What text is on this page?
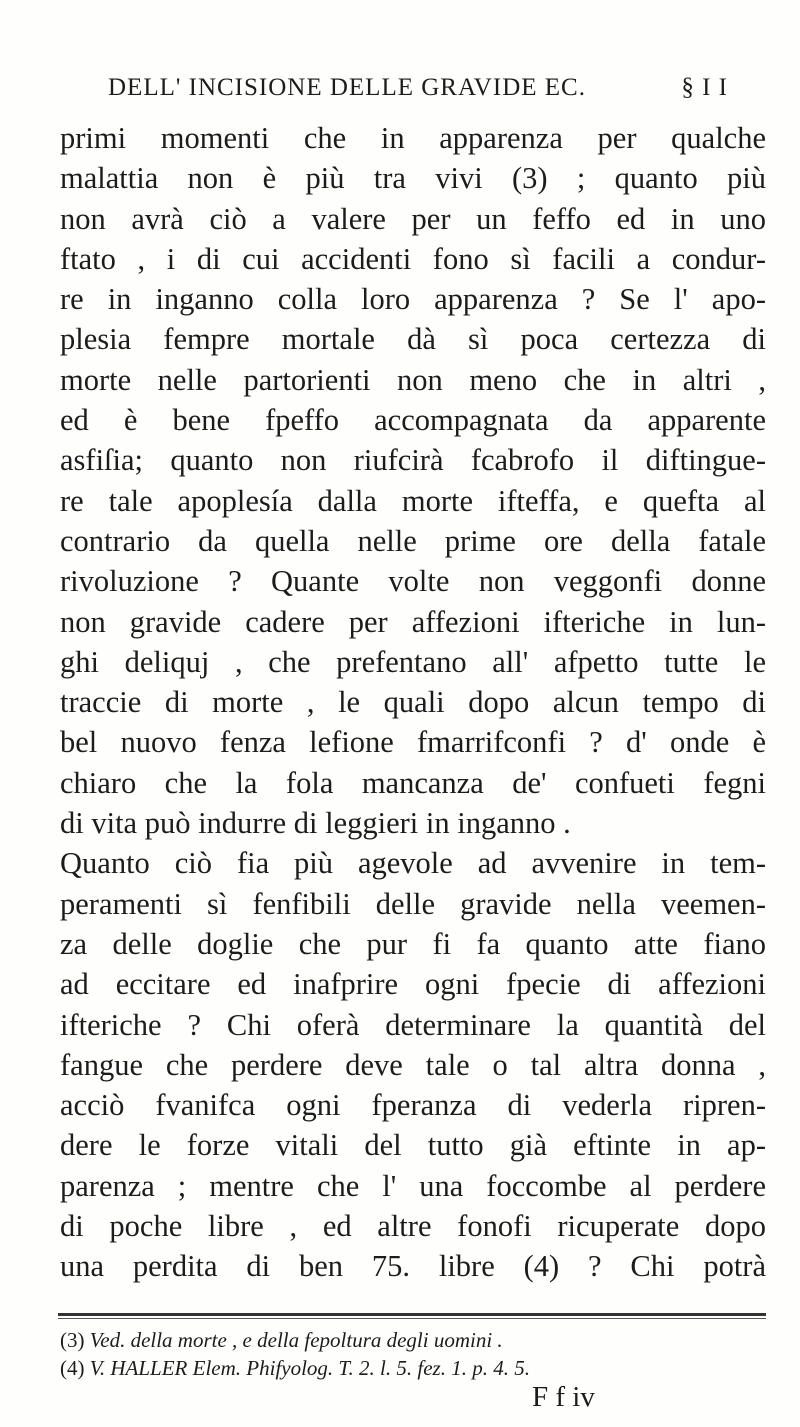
DELL' INCISIONE DELLE GRAVIDE EC.	§ I I
primi momenti che in apparenza per qualche
malattia non è più tra vivi (3) ; quanto più
non avrà ciò a valere per un feffo ed in uno
ftato , i di cui accidenti fono sì facili a condur-
re in inganno colla loro apparenza ? Se l' apo-
plesia fempre mortale dà sì poca certezza di
morte nelle partorienti non meno che in altri ,
ed è bene fpeffo accompagnata da apparente
asfiſia; quanto non riufcirà fcabrofo il diftingue-
re tale apoplesía dalla morte ifteffa, e quefta al
contrario da quella nelle prime ore della fatale
rivoluzione ? Quante volte non veggonfi donne
non gravide cadere per affezioni ifteriche in lun-
ghi deliquj , che prefentano all' afpetto tutte le
traccie di morte , le quali dopo alcun tempo di
bel nuovo fenza lefione fmarrifconfi ? d' onde è
chiaro che la fola mancanza de' confueti fegni
di vita può indurre di leggieri in inganno .
Quanto ciò fia più agevole ad avvenire in tem-
peramenti sì fenfibili delle gravide nella veemen-
za delle doglie che pur fi fa quanto atte fiano
ad eccitare ed inafprire ogni fpecie di affezioni
ifteriche ? Chi oferà determinare la quantità del
fangue che perdere deve tale o tal altra donna ,
acciò fvanifca ogni fperanza di vederla ripren-
dere le forze vitali del tutto già eftinte in ap-
parenza ; mentre che l' una foccombe al perdere
di poche libre , ed altre fonofi ricuperate dopo
una perdita di ben 75. libre (4) ? Chi potrà
(3) Ved. della morte , e della fepoltura degli uomini .
(4) V. HALLER Elem. Phifyolog. T. 2. l. 5. fez. 1. p. 4. 5.
F f iv
